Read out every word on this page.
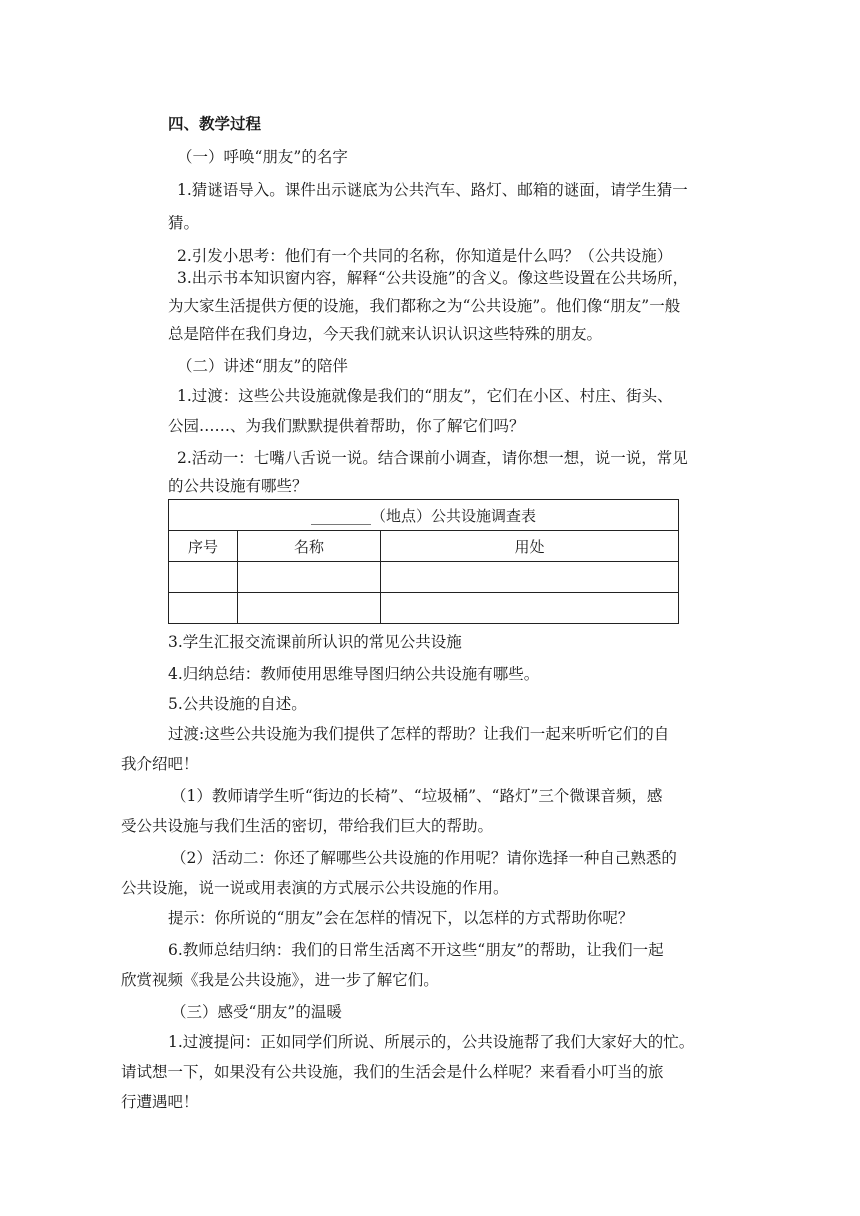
四、教学过程
（一）呼唤“朋友”的名字
1.猜谜语导入。课件出示谜底为公共汽车、路灯、邮箱的谜面，请学生猜一
猜。
2.引发小思考：他们有一个共同的名称，你知道是什么吗？（公共设施）
3.出示书本知识窗内容，解释“公共设施”的含义。像这些设置在公共场所，
为大家生活提供方便的设施，我们都称之为“公共设施”。他们像“朋友”一般
总是陪伴在我们身边，今天我们就来认识认识这些特殊的朋友。
（二）讲述“朋友”的陪伴
1.过渡：这些公共设施就像是我们的“朋友”，它们在小区、村庄、街头、
公园……、为我们默默提供着帮助，你了解它们吗？
2.活动一：七嘴八舌说一说。结合课前小调查，请你想一想，说一说，常见
的公共设施有哪些？
________（地点）公共设施调查表		
序号	名称	用处

3.学生汇报交流课前所认识的常见公共设施
4.归纳总结：教师使用思维导图归纳公共设施有哪些。
5.公共设施的自述。
过渡:这些公共设施为我们提供了怎样的帮助？让我们一起来听听它们的自
我介绍吧！
（1）教师请学生听“街边的长椅”、“垃圾桶”、“路灯”三个微课音频，感
受公共设施与我们生活的密切，带给我们巨大的帮助。
（2）活动二：你还了解哪些公共设施的作用呢？请你选择一种自己熟悉的
公共设施，说一说或用表演的方式展示公共设施的作用。
提示：你所说的“朋友”会在怎样的情况下，以怎样的方式帮助你呢？
6.教师总结归纳：我们的日常生活离不开这些“朋友”的帮助，让我们一起
欣赏视频《我是公共设施》，进一步了解它们。
（三）感受“朋友”的温暖
1.过渡提问：正如同学们所说、所展示的，公共设施帮了我们大家好大的忙。
请试想一下，如果没有公共设施，我们的生活会是什么样呢？来看看小叮当的旅
行遭遇吧！
